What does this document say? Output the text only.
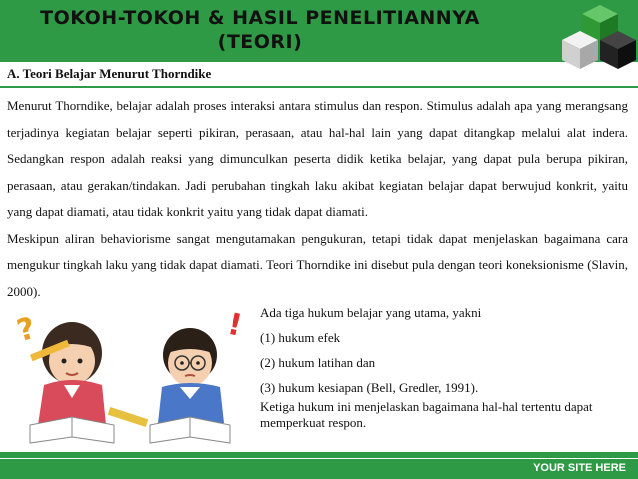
TOKOH-TOKOH & HASIL PENELITIANNYA
(TEORI)
A. Teori Belajar Menurut Thorndike

Menurut Thorndike, belajar adalah proses interaksi antara stimulus dan respon. Stimulus adalah apa yang merangsang terjadinya kegiatan belajar seperti pikiran, perasaan, atau hal-hal lain yang dapat ditangkap melalui alat indera. Sedangkan respon adalah reaksi yang dimunculkan peserta didik ketika belajar, yang dapat pula berupa pikiran, perasaan, atau gerakan/tindakan. Jadi perubahan tingkah laku akibat kegiatan belajar dapat berwujud konkrit, yaitu yang dapat diamati, atau tidak konkrit yaitu yang tidak dapat diamati.

Meskipun aliran behaviorisme sangat mengutamakan pengukuran, tetapi tidak dapat menjelaskan bagaimana cara mengukur tingkah laku yang tidak dapat diamati. Teori Thorndike ini disebut pula dengan teori koneksionisme (Slavin, 2000).

?	! Ada tiga hukum belajar yang utama, yakni
(1) hukum efek
(2) hukum latihan dan
(3) hukum kesiapan (Bell, Gredler, 1991).
Ketiga hukum ini menjelaskan bagaimana hal-hal tertentu dapat memperkuat respon.
YOUR SITE HERE
